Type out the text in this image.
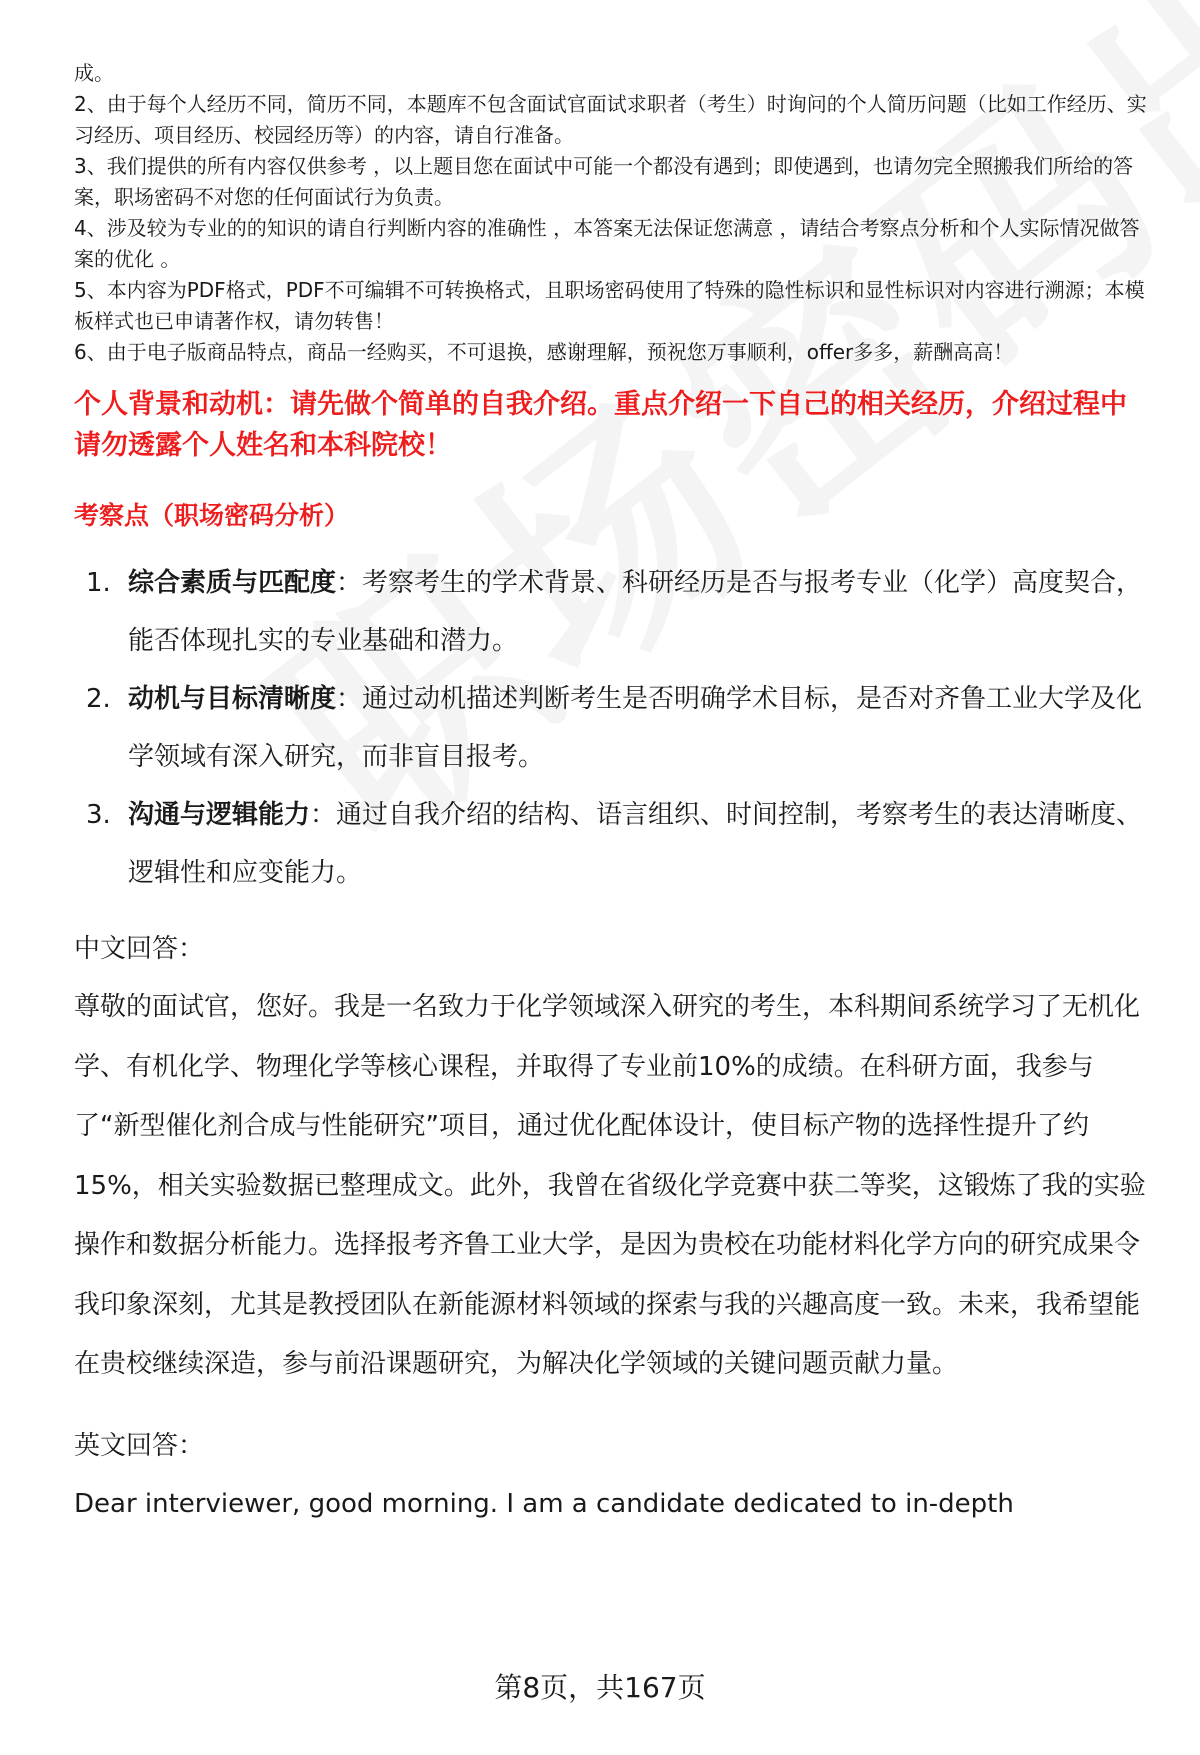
成。

2、由于每个人经历不同，简历不同，本题库不包含面试官面试求职者（考生）时询问的个人简历问题（比如工作经历、实习经历、项目经历、校园经历等）的内容，请自行准备。

3、我们提供的所有内容仅供参考 ，以上题目您在面试中可能一个都没有遇到；即使遇到，也请勿完全照搬我们所给的答案，职场密码不对您的任何面试行为负责。

4、涉及较为专业的的知识的请自行判断内容的准确性 ，本答案无法保证您满意 ，请结合考察点分析和个人实际情况做答案的优化 。

5、本内容为PDF格式，PDF不可编辑不可转换格式，且职场密码使用了特殊的隐性标识和显性标识对内容进行溯源；本模板样式也已申请著作权，请勿转售！

6、由于电子版商品特点，商品一经购买，不可退换，感谢理解，预祝您万事顺利，offer多多，薪酬高高！

个人背景和动机：请先做个简单的自我介绍。重点介绍一下自己的相关经历，介绍过程中请勿透露个人姓名和本科院校！
考察点（职场密码分析）
1. 综合素质与匹配度：考察考生的学术背景、科研经历是否与报考专业（化学）高度契合，能否体现扎实的专业基础和潜力。
2. 动机与目标清晰度：通过动机描述判断考生是否明确学术目标，是否对齐鲁工业大学及化学领域有深入研究，而非盲目报考。
3. 沟通与逻辑能力：通过自我介绍的结构、语言组织、时间控制，考察考生的表达清晰度、逻辑性和应变能力。

中文回答：

尊敬的面试官，您好。我是一名致力于化学领域深入研究的考生，本科期间系统学习了无机化学、有机化学、物理化学等核心课程，并取得了专业前10%的成绩。在科研方面，我参与了“新型催化剂合成与性能研究”项目，通过优化配体设计，使目标产物的选择性提升了约15%，相关实验数据已整理成文。此外，我曾在省级化学竞赛中获二等奖，这锻炼了我的实验操作和数据分析能力。选择报考齐鲁工业大学，是因为贵校在功能材料化学方向的研究成果令我印象深刻，尤其是教授团队在新能源材料领域的探索与我的兴趣高度一致。未来，我希望能在贵校继续深造，参与前沿课题研究，为解决化学领域的关键问题贡献力量。

英文回答：

Dear interviewer, good morning. I am a candidate dedicated to in-depth

第8页，共167页
